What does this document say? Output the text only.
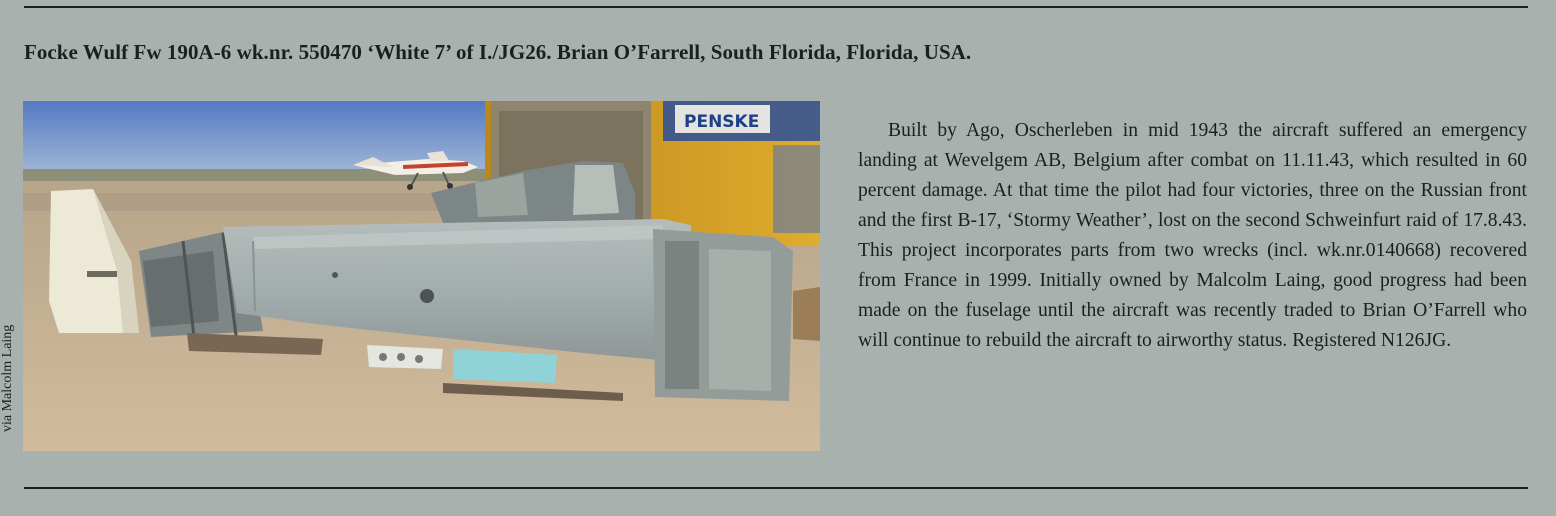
Focke Wulf Fw 190A-6 wk.nr. 550470 ‘White 7’ of I./JG26. Brian O’Farrell, South Florida, Florida, USA.
via Malcolm Laing
PENSKE	Built by Ago, Oscherleben in mid 1943 the aircraft suffered an emergency landing at Wevelgem AB, Belgium after combat on 11.11.43, which resulted in 60 percent damage. At that time the pilot had four victories, three on the Russian front and the first B-17, ‘Stormy Weather’, lost on the second Schweinfurt raid of 17.8.43. This project incorporates parts from two wrecks (incl. wk.nr.0140668) recovered from France in 1999. Initially owned by Malcolm Laing, good progress had been made on the fuselage until the aircraft was recently traded to Brian O’Farrell who will continue to rebuild the aircraft to airworthy status. Registered N126JG.
